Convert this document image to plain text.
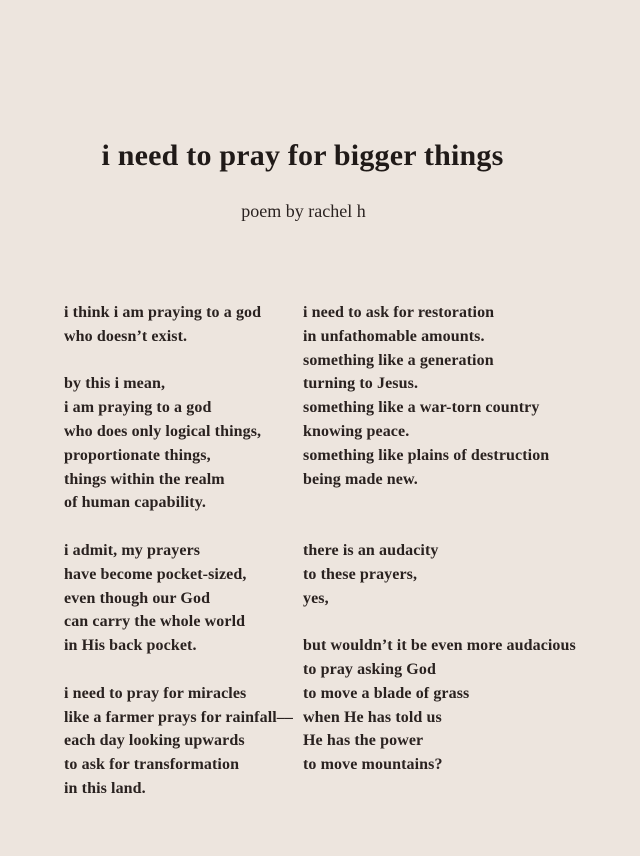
i need to pray for bigger things
poem by rachel h
i think i am praying to a god
who doesn’t exist.

by this i mean,
i am praying to a god
who does only logical things,
proportionate things,
things within the realm
of human capability.

i admit, my prayers
have become pocket-sized,
even though our God
can carry the whole world
in His back pocket.

i need to pray for miracles
like a farmer prays for rainfall––
each day looking upwards
to ask for transformation
in this land.
i need to ask for restoration
in unfathomable amounts.
something like a generation
turning to Jesus.
something like a war-torn country
knowing peace.
something like plains of destruction
being made new.

there is an audacity
to these prayers,
yes,

but wouldn’t it be even more audacious
to pray asking God
to move a blade of grass
when He has told us
He has the power
to move mountains?
